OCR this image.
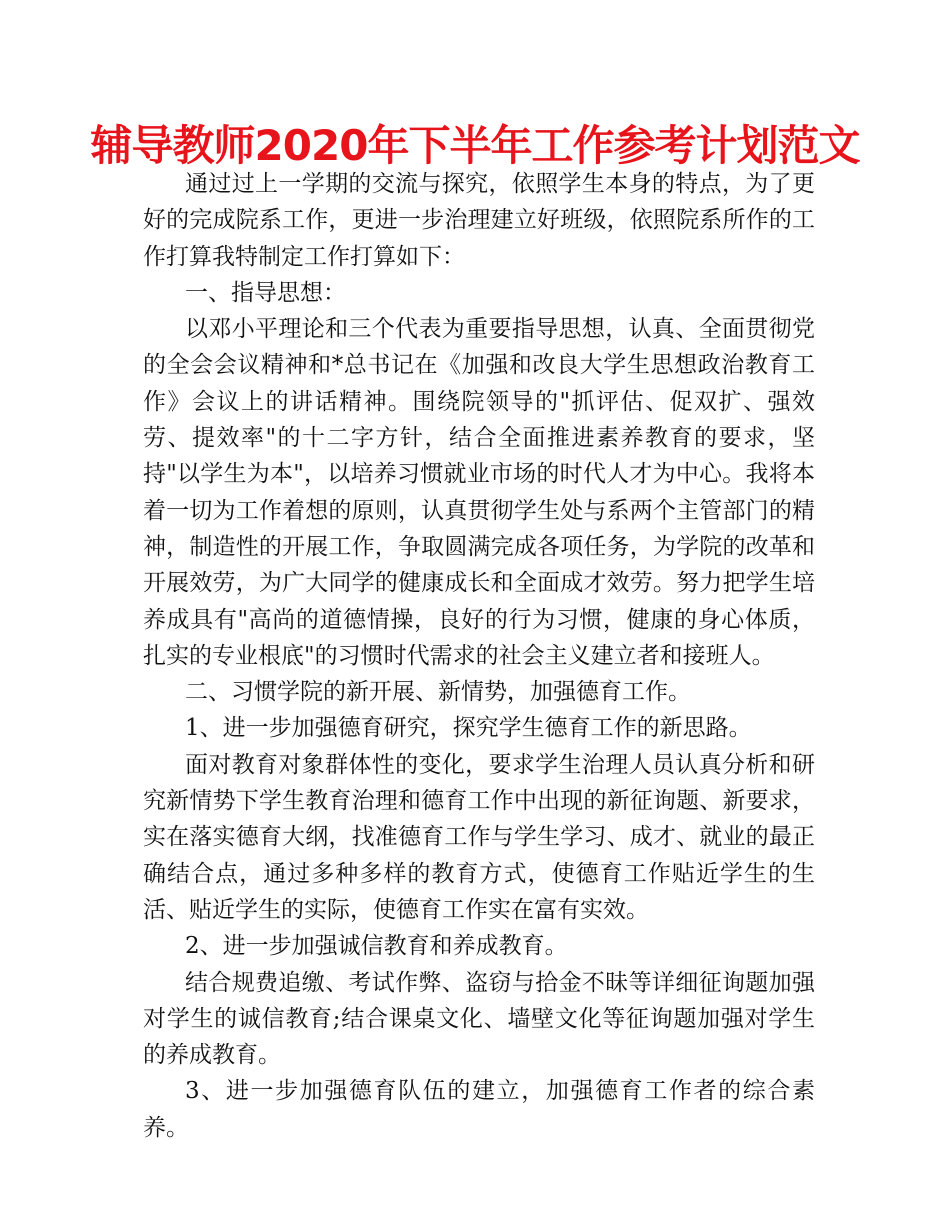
辅导教师2020年下半年工作参考计划范文

通过过上一学期的交流与探究，依照学生本身的特点，为了更好的完成院系工作，更进一步治理建立好班级，依照院系所作的工作打算我特制定工作打算如下：

一、指导思想：

以邓小平理论和三个代表为重要指导思想，认真、全面贯彻党的全会会议精神和*总书记在《加强和改良大学生思想政治教育工作》会议上的讲话精神。围绕院领导的"抓评估、促双扩、强效劳、提效率"的十二字方针，结合全面推进素养教育的要求，坚持"以学生为本"，以培养习惯就业市场的时代人才为中心。我将本着一切为工作着想的原则，认真贯彻学生处与系两个主管部门的精神，制造性的开展工作，争取圆满完成各项任务，为学院的改革和开展效劳，为广大同学的健康成长和全面成才效劳。努力把学生培养成具有"高尚的道德情操，良好的行为习惯，健康的身心体质，扎实的专业根底"的习惯时代需求的社会主义建立者和接班人。

二、习惯学院的新开展、新情势，加强德育工作。

1、进一步加强德育研究，探究学生德育工作的新思路。

面对教育对象群体性的变化，要求学生治理人员认真分析和研究新情势下学生教育治理和德育工作中出现的新征询题、新要求，实在落实德育大纲，找准德育工作与学生学习、成才、就业的最正确结合点，通过多种多样的教育方式，使德育工作贴近学生的生活、贴近学生的实际，使德育工作实在富有实效。

2、进一步加强诚信教育和养成教育。

结合规费追缴、考试作弊、盗窃与拾金不昧等详细征询题加强对学生的诚信教育;结合课桌文化、墙壁文化等征询题加强对学生的养成教育。

3、进一步加强德育队伍的建立，加强德育工作者的综合素养。
